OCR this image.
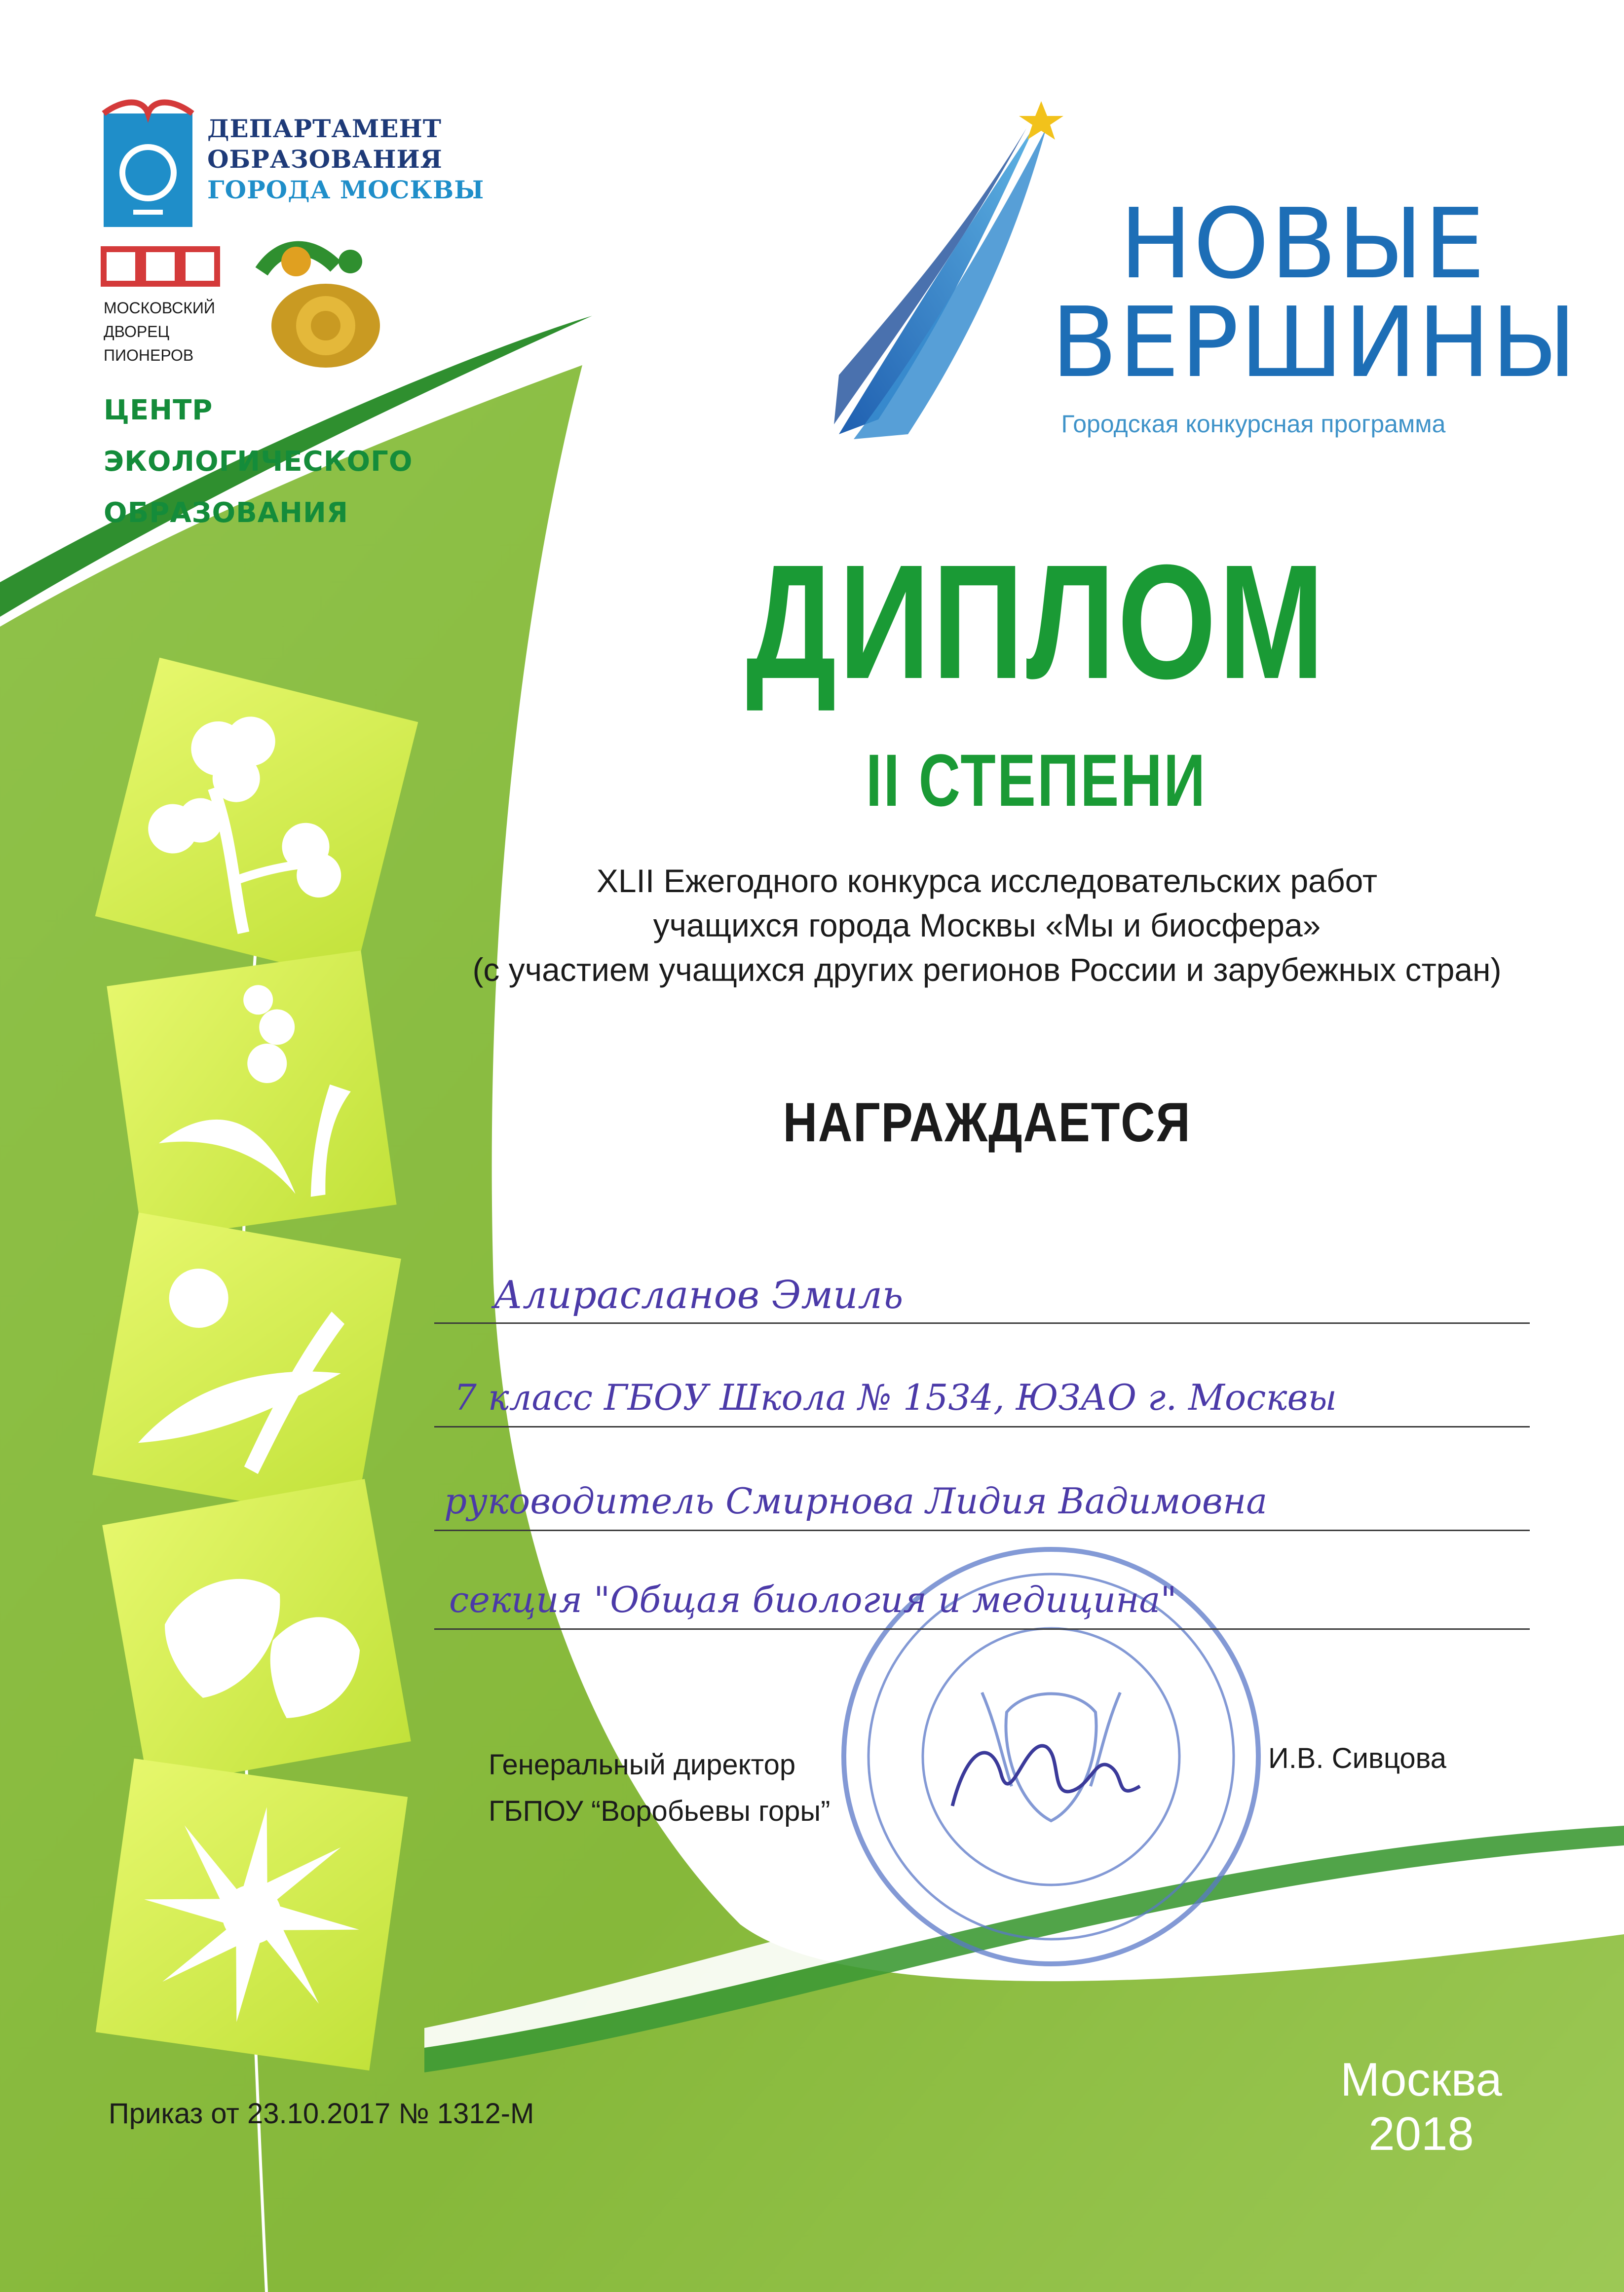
ДЕПАРТАМЕНТ
ОБРАЗОВАНИЯ
ГОРОДА МОСКВЫ
МОСКОВСКИЙ
ДВОРЕЦ
ПИОНЕРОВ
ЦЕНТР
ЭКОЛОГИЧЕСКОГО
ОБРАЗОВАНИЯ
НОВЫЕ
ВЕРШИНЫ
Городская конкурсная программа
ДИПЛОМ
II СТЕПЕНИ
XLII Ежегодного конкурса исследовательских работ
учащихся города Москвы «Мы и биосфера»
(с участием учащихся других регионов России и зарубежных стран)
НАГРАЖДАЕТСЯ
Алирасланов Эмиль
7 класс ГБОУ Школа № 1534, ЮЗАО г. Москвы
руководитель Смирнова Лидия Вадимовна
секция "Общая биология и медицина"
Генеральный директор
ГБПОУ “Воробьевы горы”
И.В. Сивцова
Москва
2018
Приказ от 23.10.2017 № 1312-М
